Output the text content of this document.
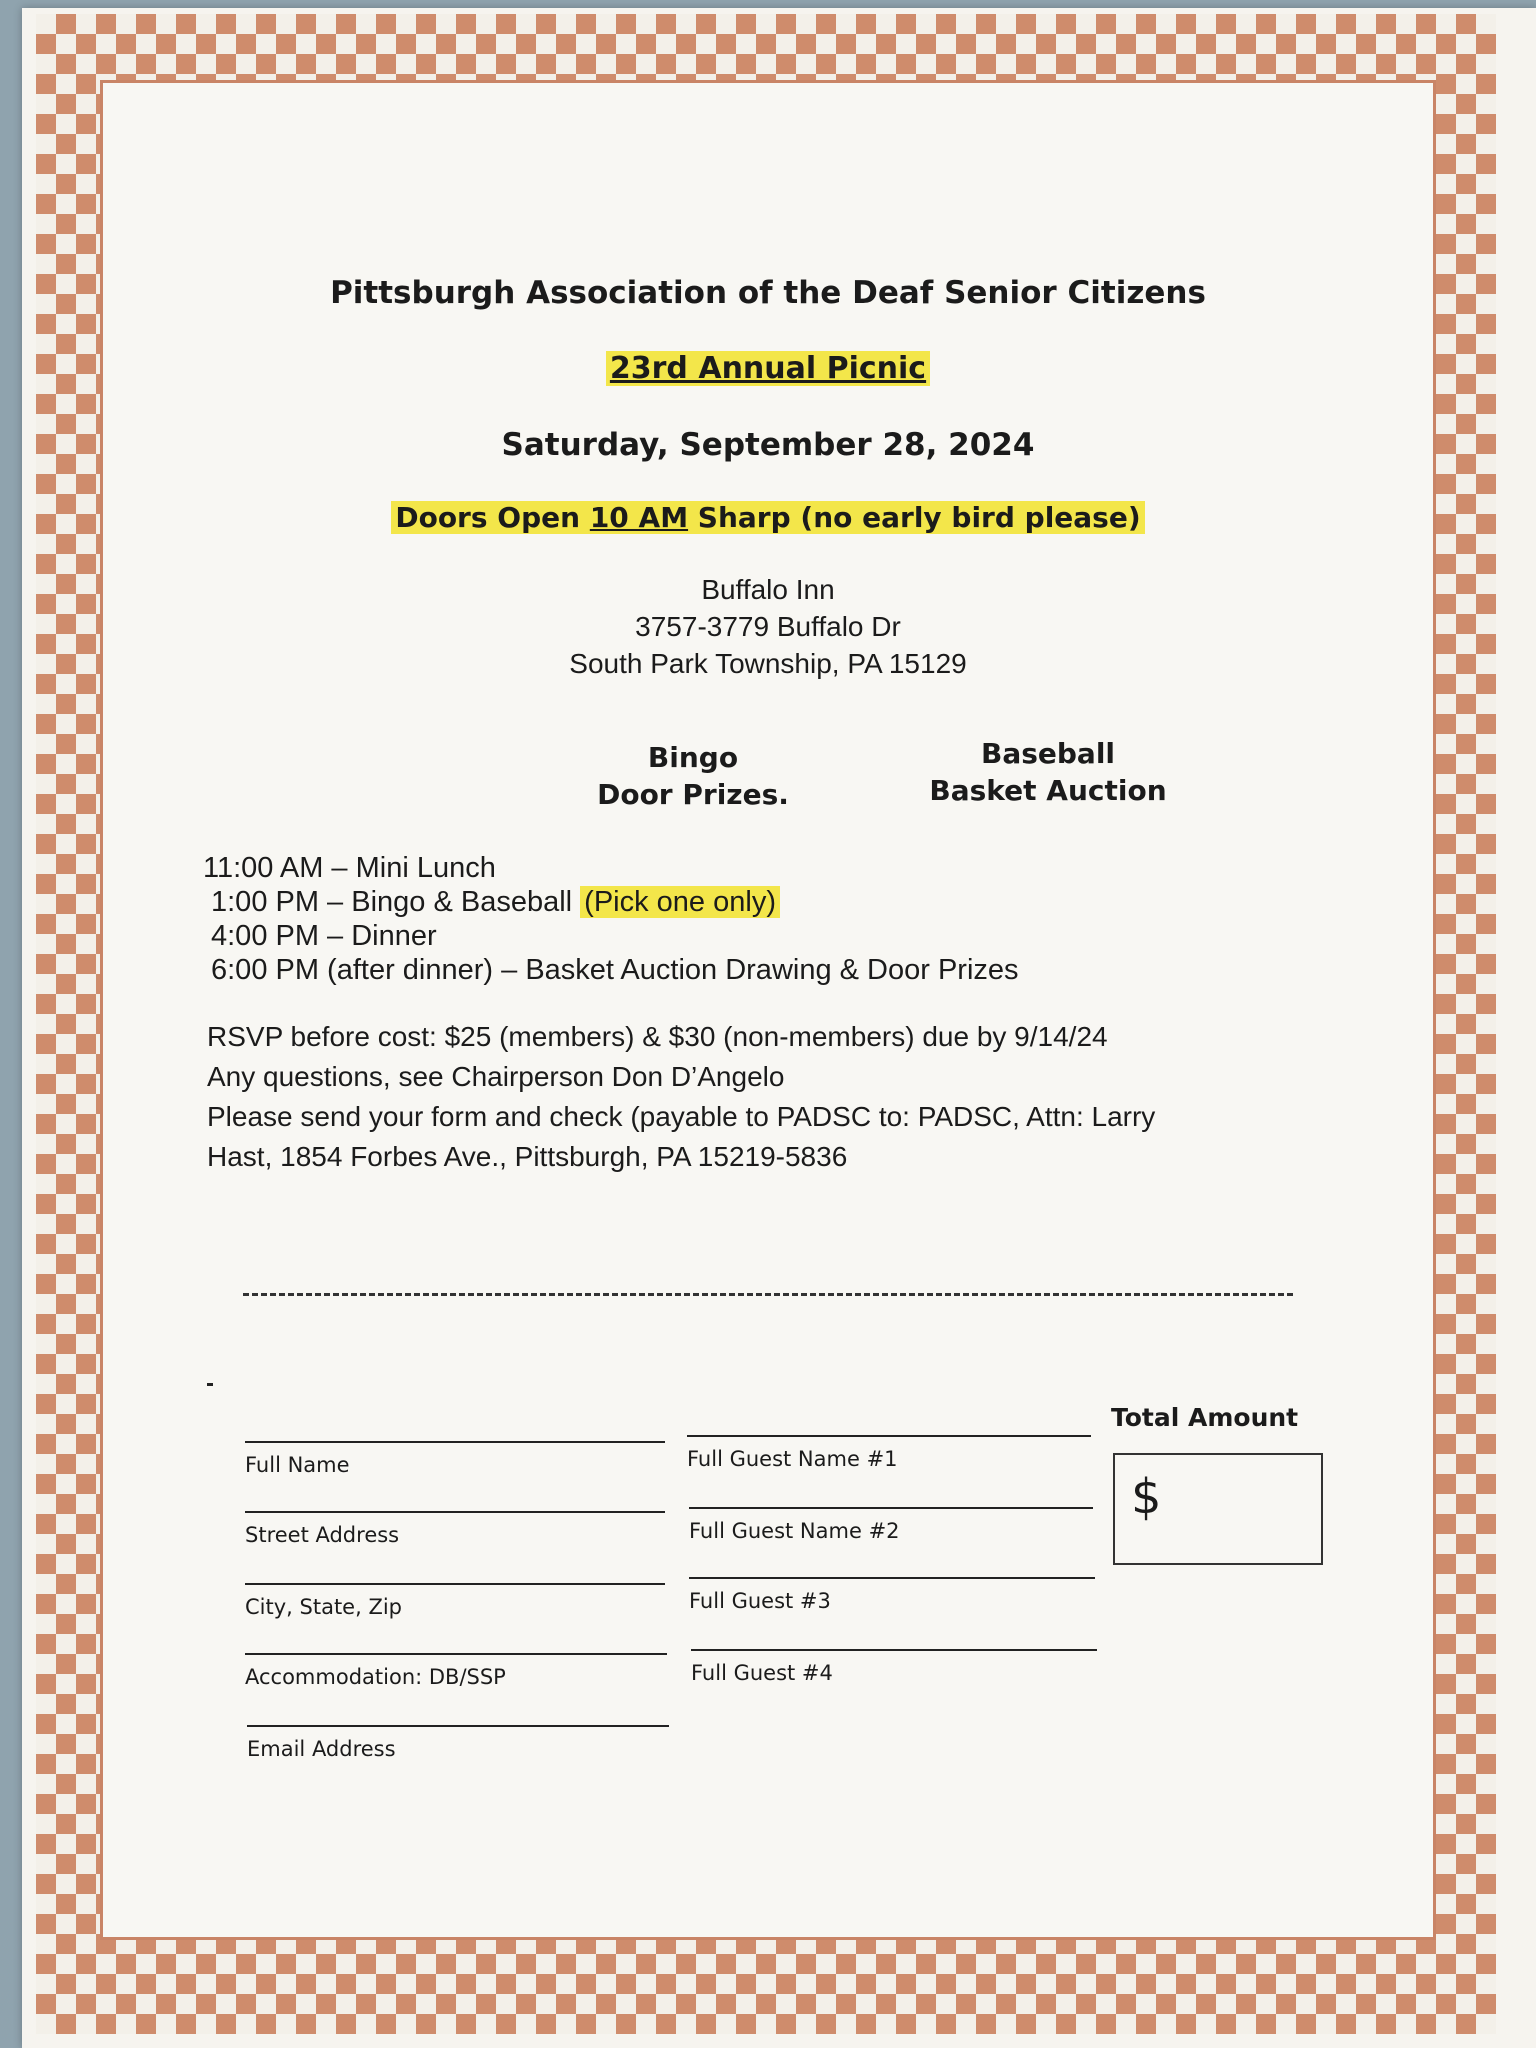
Pittsburgh Association of the Deaf Senior Citizens
23rd Annual Picnic
Saturday, September 28, 2024
Doors Open 10 AM Sharp (no early bird please)
Buffalo Inn
3757-3779 Buffalo Dr
South Park Township, PA 15129
Bingo
Door Prizes.
Baseball
Basket Auction
11:00 AM – Mini Lunch
1:00 PM – Bingo & Baseball (Pick one only)
4:00 PM – Dinner
6:00 PM (after dinner) – Basket Auction Drawing & Door Prizes
RSVP before cost: $25 (members) & $30 (non-members) due by 9/14/24
Any questions, see Chairperson Don D’Angelo
Please send your form and check (payable to PADSC to: PADSC, Attn: Larry
Hast, 1854 Forbes Ave., Pittsburgh, PA 15219-5836
Full Name
Street Address
City, State, Zip
Accommodation: DB/SSP
Email Address
Full Guest Name #1
Full Guest Name #2
Full Guest #3
Full Guest #4
Total Amount
$
